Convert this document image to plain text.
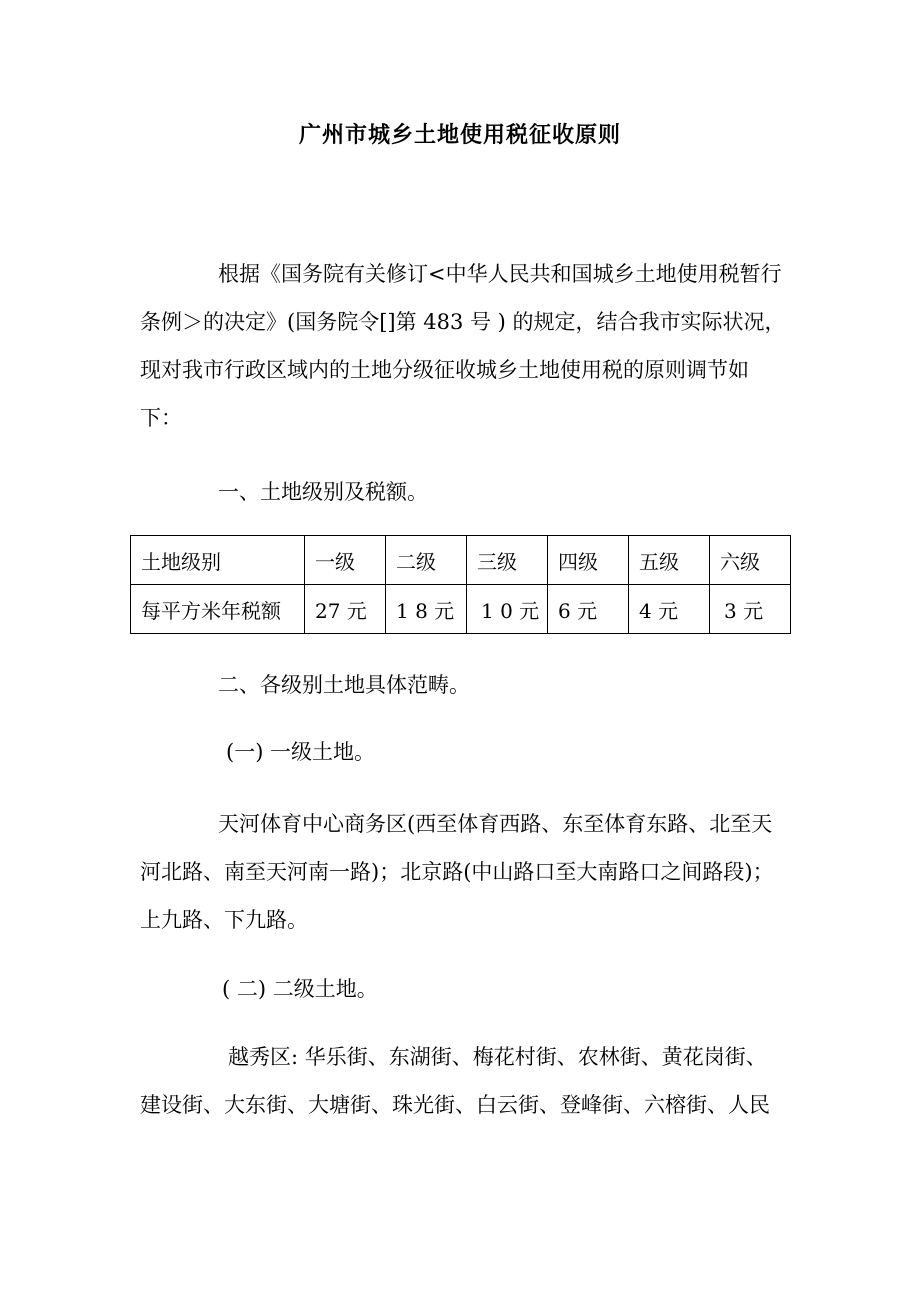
广州市城乡土地使用税征收原则

根据《国务院有关修订<中华人民共和国城乡土地使用税暂行
条例＞的决定》(国务院令[]第 483 号 ) 的规定，结合我市实际状况，
现对我市行政区域内的土地分级征收城乡土地使用税的原则调节如
下：

一、土地级别及税额。
土地级别	一级	二级	三级	四级	五级	六级
每平方米年税额	27 元	1 8 元	1 0 元	6 元	4 元	3 元
二、各级别土地具体范畴。
(一) 一级土地。

天河体育中心商务区(西至体育西路、东至体育东路、北至天
河北路、南至天河南一路)；北京路(中山路口至大南路口之间路段)；
上九路、下九路。

( 二) 二级土地。

越秀区: 华乐街、东湖街、梅花村街、农林街、黄花岗街、
建设街、大东街、大塘街、珠光街、白云街、登峰街、六榕街、人民
